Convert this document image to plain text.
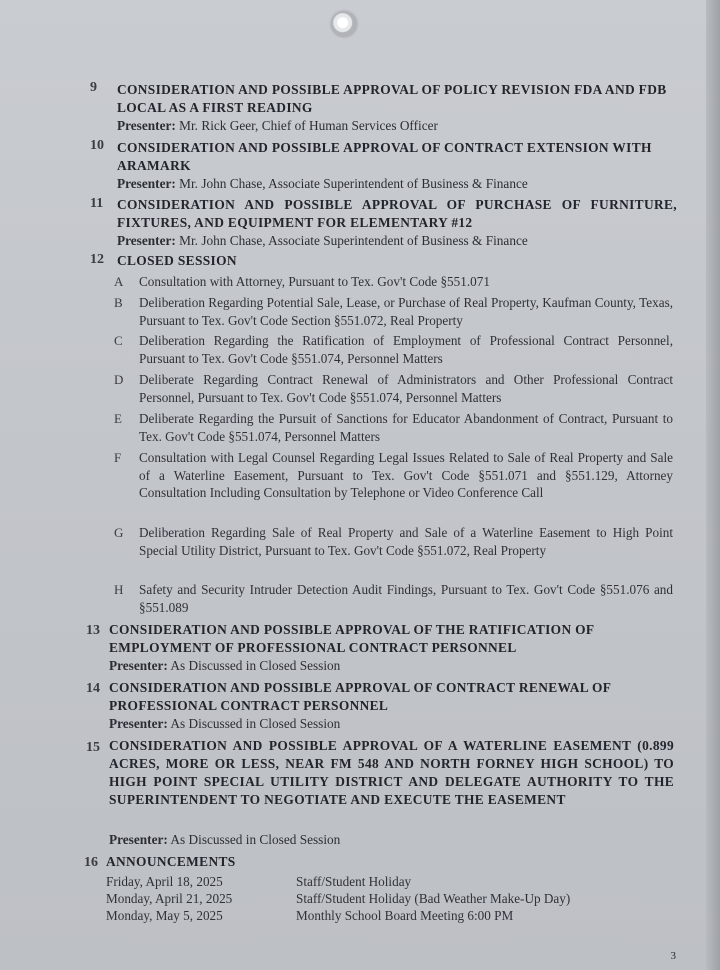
9 CONSIDERATION AND POSSIBLE APPROVAL OF POLICY REVISION FDA AND FDB LOCAL AS A FIRST READING
Presenter: Mr. Rick Geer, Chief of Human Services Officer
10 CONSIDERATION AND POSSIBLE APPROVAL OF CONTRACT EXTENSION WITH ARAMARK
Presenter: Mr. John Chase, Associate Superintendent of Business & Finance
11 CONSIDERATION AND POSSIBLE APPROVAL OF PURCHASE OF FURNITURE, FIXTURES, AND EQUIPMENT FOR ELEMENTARY #12
Presenter: Mr. John Chase, Associate Superintendent of Business & Finance
12 CLOSED SESSION
A Consultation with Attorney, Pursuant to Tex. Gov't Code §551.071
B Deliberation Regarding Potential Sale, Lease, or Purchase of Real Property, Kaufman County, Texas, Pursuant to Tex. Gov't Code Section §551.072, Real Property
C Deliberation Regarding the Ratification of Employment of Professional Contract Personnel, Pursuant to Tex. Gov't Code §551.074, Personnel Matters
D Deliberate Regarding Contract Renewal of Administrators and Other Professional Contract Personnel, Pursuant to Tex. Gov't Code §551.074, Personnel Matters
E Deliberate Regarding the Pursuit of Sanctions for Educator Abandonment of Contract, Pursuant to Tex. Gov't Code §551.074, Personnel Matters
F Consultation with Legal Counsel Regarding Legal Issues Related to Sale of Real Property and Sale of a Waterline Easement, Pursuant to Tex. Gov't Code §551.071 and §551.129, Attorney Consultation Including Consultation by Telephone or Video Conference Call
G Deliberation Regarding Sale of Real Property and Sale of a Waterline Easement to High Point Special Utility District, Pursuant to Tex. Gov't Code §551.072, Real Property
H Safety and Security Intruder Detection Audit Findings, Pursuant to Tex. Gov't Code §551.076 and §551.089
13 CONSIDERATION AND POSSIBLE APPROVAL OF THE RATIFICATION OF EMPLOYMENT OF PROFESSIONAL CONTRACT PERSONNEL
Presenter: As Discussed in Closed Session
14 CONSIDERATION AND POSSIBLE APPROVAL OF CONTRACT RENEWAL OF PROFESSIONAL CONTRACT PERSONNEL
Presenter: As Discussed in Closed Session
15 CONSIDERATION AND POSSIBLE APPROVAL OF A WATERLINE EASEMENT (0.899 ACRES, MORE OR LESS, NEAR FM 548 AND NORTH FORNEY HIGH SCHOOL) TO HIGH POINT SPECIAL UTILITY DISTRICT AND DELEGATE AUTHORITY TO THE SUPERINTENDENT TO NEGOTIATE AND EXECUTE THE EASEMENT
Presenter: As Discussed in Closed Session
16 ANNOUNCEMENTS
Friday, April 18, 2025	Staff/Student Holiday
Monday, April 21, 2025	Staff/Student Holiday (Bad Weather Make-Up Day)
Monday, May 5, 2025	Monthly School Board Meeting 6:00 PM
3
